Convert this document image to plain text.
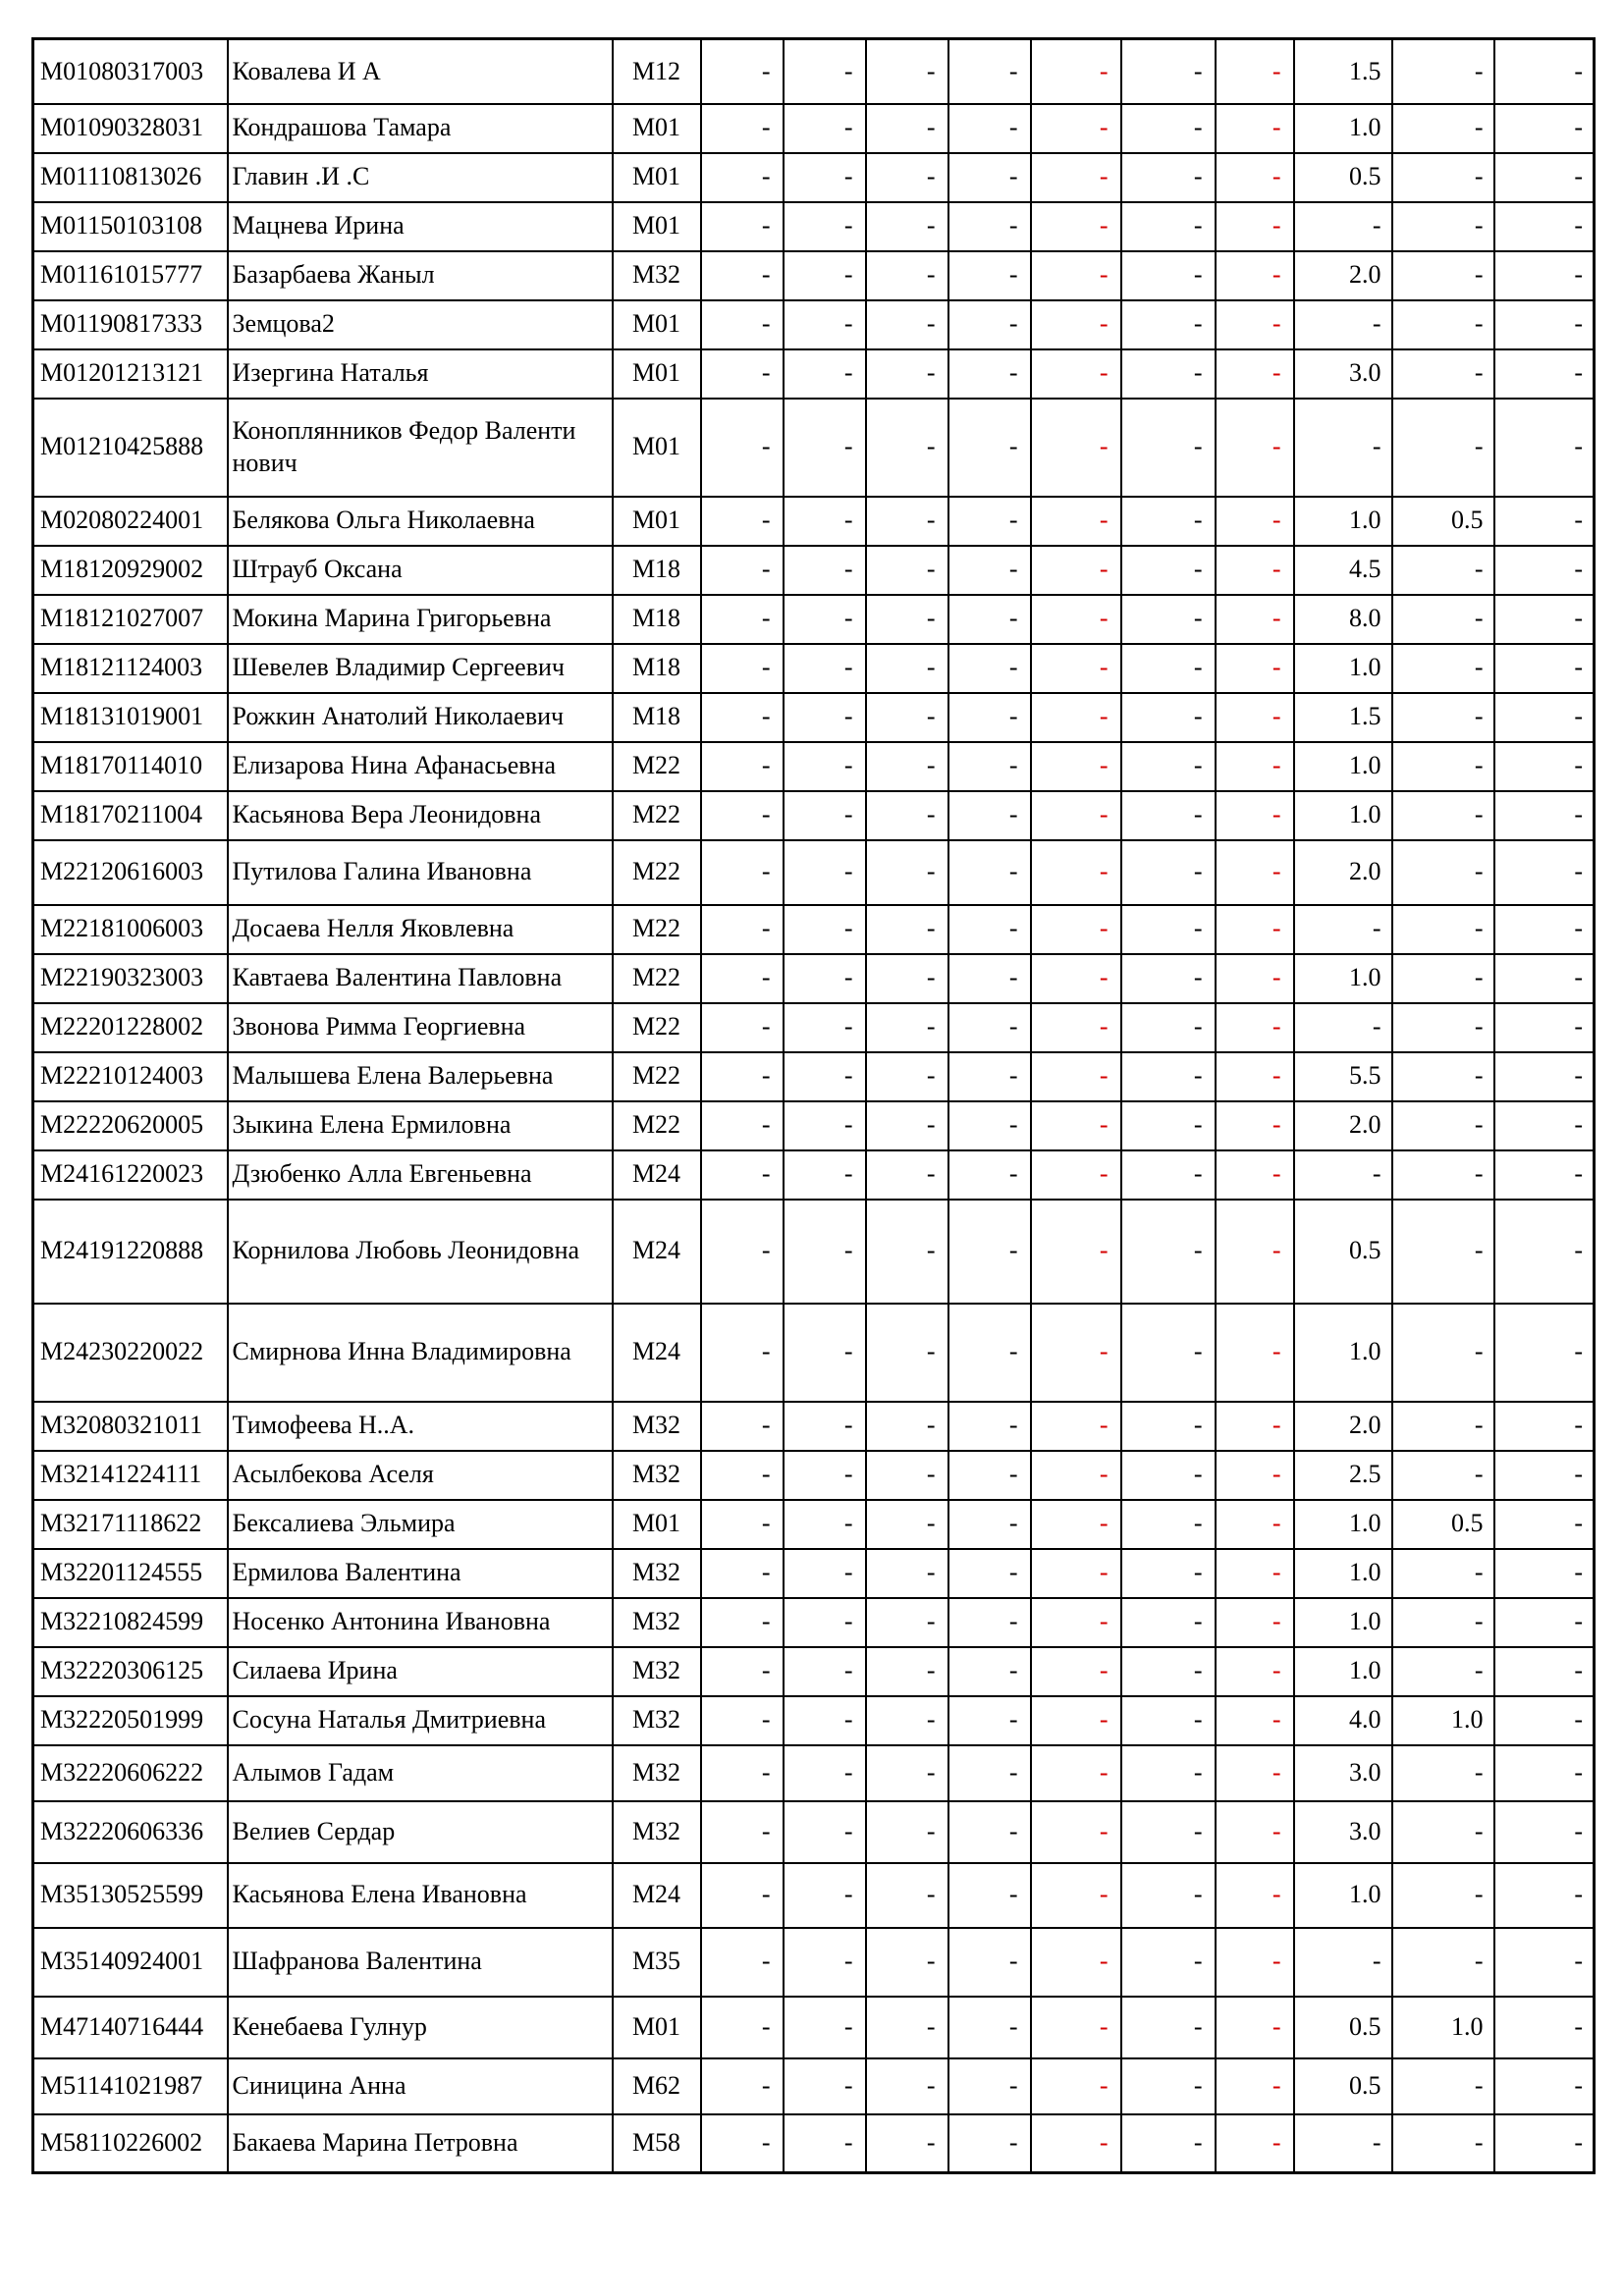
M01080317003	Ковалева И А	M12	-	-	-	-	-	-	-	1.5	-	-
M01090328031	Кондрашова Тамара	M01	-	-	-	-	-	-	-	1.0	-	-
M01110813026	Главин .И .С	M01	-	-	-	-	-	-	-	0.5	-	-
M01150103108	Мацнева Ирина	M01	-	-	-	-	-	-	-	-	-	-
M01161015777	Базарбаева Жаныл	M32	-	-	-	-	-	-	-	2.0	-	-
M01190817333	Земцова2	M01	-	-	-	-	-	-	-	-	-	-
M01201213121	Изергина Наталья	M01	-	-	-	-	-	-	-	3.0	-	-
M01210425888	Коноплянников Федор Валенти нович	M01	-	-	-	-	-	-	-	-	-	-
M02080224001	Белякова Ольга Николаевна	M01	-	-	-	-	-	-	-	1.0	0.5	-
M18120929002	Штрауб Оксана	M18	-	-	-	-	-	-	-	4.5	-	-
M18121027007	Мокина Марина Григорьевна	M18	-	-	-	-	-	-	-	8.0	-	-
M18121124003	Шевелев Владимир Сергеевич	M18	-	-	-	-	-	-	-	1.0	-	-
M18131019001	Рожкин Анатолий Николаевич	M18	-	-	-	-	-	-	-	1.5	-	-
M18170114010	Елизарова Нина Афанасьевна	M22	-	-	-	-	-	-	-	1.0	-	-
M18170211004	Касьянова Вера Леонидовна	M22	-	-	-	-	-	-	-	1.0	-	-
M22120616003	Путилова Галина Ивановна	M22	-	-	-	-	-	-	-	2.0	-	-
M22181006003	Досаева Нелля Яковлевна	M22	-	-	-	-	-	-	-	-	-	-
M22190323003	Кавтаева Валентина Павловна	M22	-	-	-	-	-	-	-	1.0	-	-
M22201228002	Звонова Римма Георгиевна	M22	-	-	-	-	-	-	-	-	-	-
M22210124003	Малышева Елена Валерьевна	M22	-	-	-	-	-	-	-	5.5	-	-
M22220620005	Зыкина Елена Ермиловна	M22	-	-	-	-	-	-	-	2.0	-	-
M24161220023	Дзюбенко Алла Евгеньевна	M24	-	-	-	-	-	-	-	-	-	-
M24191220888	Корнилова Любовь Леонидовна	M24	-	-	-	-	-	-	-	0.5	-	-
M24230220022	Смирнова Инна Владимировна	M24	-	-	-	-	-	-	-	1.0	-	-
M32080321011	Тимофеева Н..А.	M32	-	-	-	-	-	-	-	2.0	-	-
M32141224111	Асылбекова Аселя	M32	-	-	-	-	-	-	-	2.5	-	-
M32171118622	Бексалиева Эльмира	M01	-	-	-	-	-	-	-	1.0	0.5	-
M32201124555	Ермилова Валентина	M32	-	-	-	-	-	-	-	1.0	-	-
M32210824599	Носенко Антонина Ивановна	M32	-	-	-	-	-	-	-	1.0	-	-
M32220306125	Силаева Ирина	M32	-	-	-	-	-	-	-	1.0	-	-
M32220501999	Сосуна Наталья Дмитриевна	M32	-	-	-	-	-	-	-	4.0	1.0	-
M32220606222	Алымов Гадам	M32	-	-	-	-	-	-	-	3.0	-	-
M32220606336	Велиев Сердар	M32	-	-	-	-	-	-	-	3.0	-	-
M35130525599	Касьянова Елена Ивановна	M24	-	-	-	-	-	-	-	1.0	-	-
M35140924001	Шафранова Валентина	M35	-	-	-	-	-	-	-	-	-	-
M47140716444	Кенебаева Гулнур	M01	-	-	-	-	-	-	-	0.5	1.0	-
M51141021987	Синицина Анна	M62	-	-	-	-	-	-	-	0.5	-	-
M58110226002	Бакаева Марина Петровна	M58	-	-	-	-	-	-	-	-	-	-
